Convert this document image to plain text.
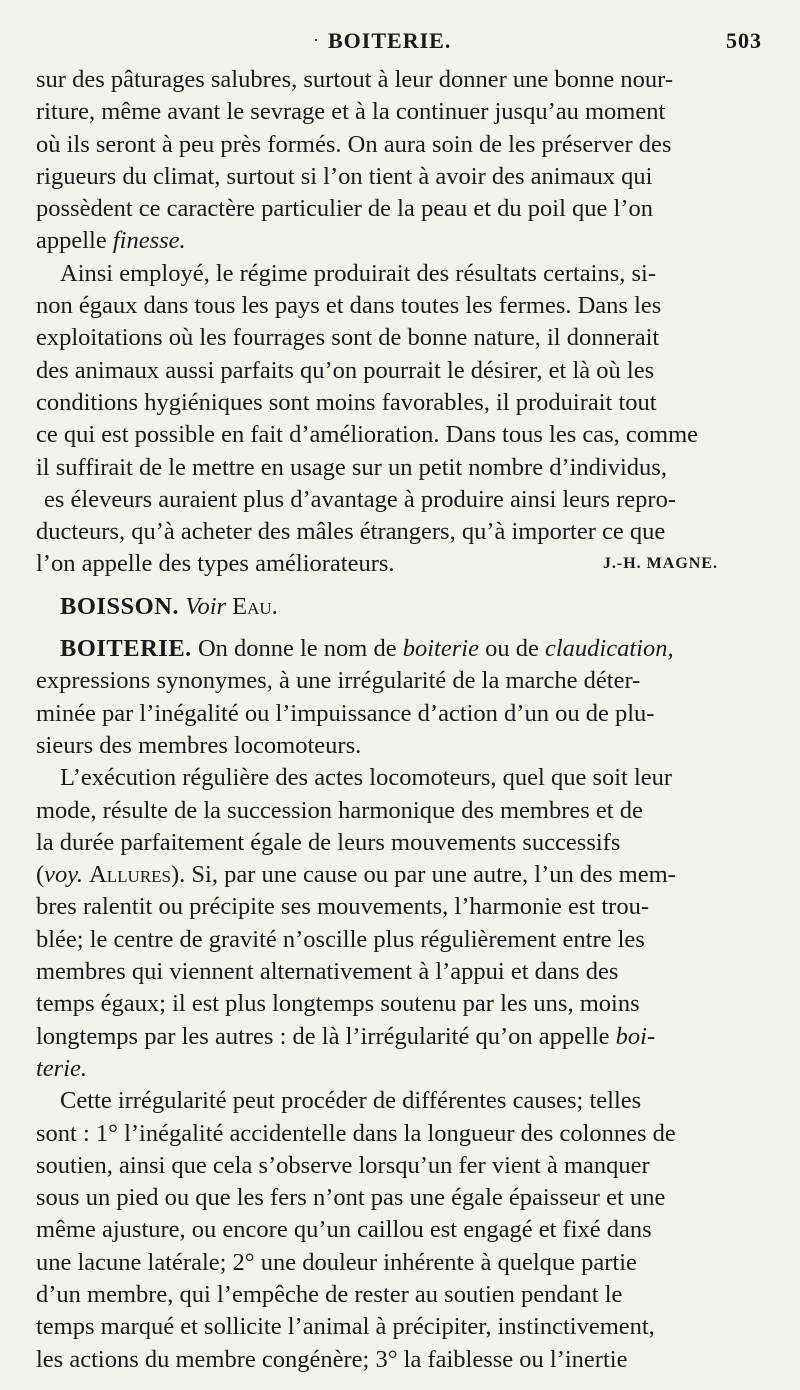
· BOITERIE.	503

sur des pâturages salubres, surtout à leur donner une bonne nour-
riture, même avant le sevrage et à la continuer jusqu’au moment
où ils seront à peu près formés. On aura soin de les préserver des
rigueurs du climat, surtout si l’on tient à avoir des animaux qui
possèdent ce caractère particulier de la peau et du poil que l’on
appelle finesse.

Ainsi employé, le régime produirait des résultats certains, si-
non égaux dans tous les pays et dans toutes les fermes. Dans les
exploitations où les fourrages sont de bonne nature, il donnerait
des animaux aussi parfaits qu’on pourrait le désirer, et là où les
conditions hygiéniques sont moins favorables, il produirait tout
ce qui est possible en fait d’amélioration. Dans tous les cas, comme
il suffirait de le mettre en usage sur un petit nombre d’individus,
es éleveurs auraient plus d’avantage à produire ainsi leurs repro-
ducteurs, qu’à acheter des mâles étrangers, qu’à importer ce que
l’on appelle des types améliorateurs.	J.-H. MAGNE.

BOISSON. Voir Eau.

BOITERIE. On donne le nom de boiterie ou de claudication,
expressions synonymes, à une irrégularité de la marche déter-
minée par l’inégalité ou l’impuissance d’action d’un ou de plu-
sieurs des membres locomoteurs.

L’exécution régulière des actes locomoteurs, quel que soit leur
mode, résulte de la succession harmonique des membres et de
la durée parfaitement égale de leurs mouvements successifs
(voy. Allures). Si, par une cause ou par une autre, l’un des mem-
bres ralentit ou précipite ses mouvements, l’harmonie est trou-
blée; le centre de gravité n’oscille plus régulièrement entre les
membres qui viennent alternativement à l’appui et dans des
temps égaux; il est plus longtemps soutenu par les uns, moins
longtemps par les autres : de là l’irrégularité qu’on appelle boi-
terie.

Cette irrégularité peut procéder de différentes causes; telles
sont : 1° l’inégalité accidentelle dans la longueur des colonnes de
soutien, ainsi que cela s’observe lorsqu’un fer vient à manquer
sous un pied ou que les fers n’ont pas une égale épaisseur et une
même ajusture, ou encore qu’un caillou est engagé et fixé dans
une lacune latérale; 2° une douleur inhérente à quelque partie
d’un membre, qui l’empêche de rester au soutien pendant le
temps marqué et sollicite l’animal à précipiter, instinctivement,
les actions du membre congénère; 3° la faiblesse ou l’inertie
